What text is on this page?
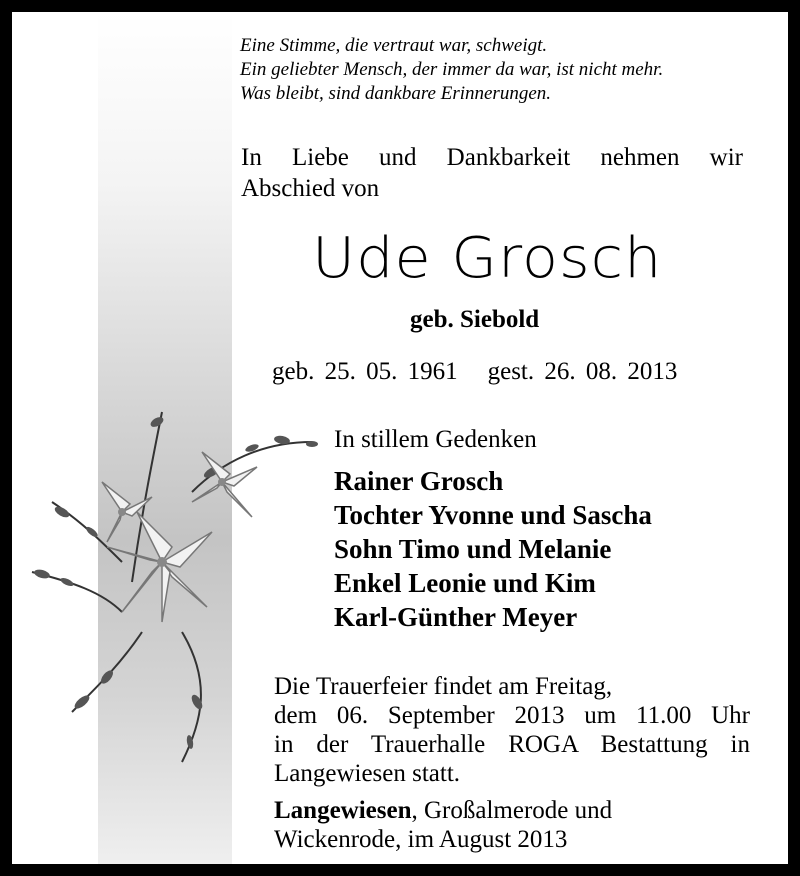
Eine Stimme, die vertraut war, schweigt.
Ein geliebter Mensch, der immer da war, ist nicht mehr.
Was bleibt, sind dankbare Erinnerungen.
In Liebe und Dankbarkeit nehmen wir
Abschied von
Ude Grosch
geb. Siebold
geb. 25. 05. 1961 gest. 26. 08. 2013
In stillem Gedenken
Rainer Grosch
Tochter Yvonne und Sascha
Sohn Timo und Melanie
Enkel Leonie und Kim
Karl-Günther Meyer
Die Trauerfeier findet am Freitag,
dem 06. September 2013 um 11.00 Uhr
in der Trauerhalle ROGA Bestattung in
Langewiesen statt.
Langewiesen, Großalmerode und
Wickenrode, im August 2013
